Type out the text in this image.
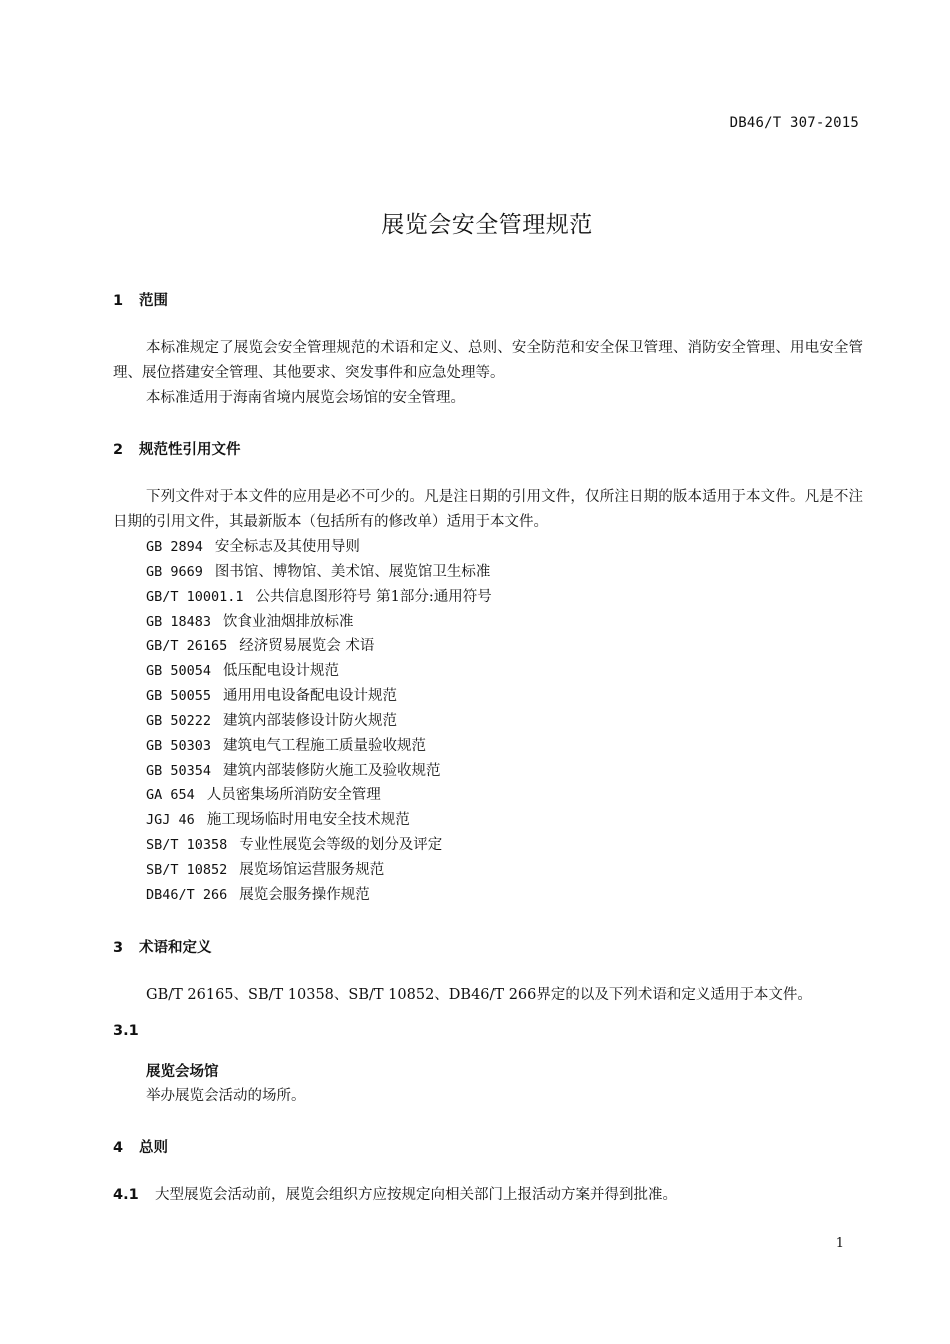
DB46/T 307-2015
展览会安全管理规范
1 范围

本标准规定了展览会安全管理规范的术语和定义、总则、安全防范和安全保卫管理、消防安全管理、用电安全管理、展位搭建安全管理、其他要求、突发事件和应急处理等。

本标准适用于海南省境内展览会场馆的安全管理。

2 规范性引用文件

下列文件对于本文件的应用是必不可少的。凡是注日期的引用文件，仅所注日期的版本适用于本文件。凡是不注日期的引用文件，其最新版本（包括所有的修改单）适用于本文件。

GB 2894 安全标志及其使用导则
GB 9669 图书馆、博物馆、美术馆、展览馆卫生标准
GB/T 10001.1 公共信息图形符号 第1部分:通用符号
GB 18483 饮食业油烟排放标准
GB/T 26165 经济贸易展览会 术语
GB 50054 低压配电设计规范
GB 50055 通用用电设备配电设计规范
GB 50222 建筑内部装修设计防火规范
GB 50303 建筑电气工程施工质量验收规范
GB 50354 建筑内部装修防火施工及验收规范
GA 654 人员密集场所消防安全管理
JGJ 46 施工现场临时用电安全技术规范
SB/T 10358 专业性展览会等级的划分及评定
SB/T 10852 展览场馆运营服务规范
DB46/T 266 展览会服务操作规范
3 术语和定义

GB/T 26165、SB/T 10358、SB/T 10852、DB46/T 266界定的以及下列术语和定义适用于本文件。

3.1
展览会场馆
举办展览会活动的场所。
4 总则
4.1 大型展览会活动前，展览会组织方应按规定向相关部门上报活动方案并得到批准。
1
